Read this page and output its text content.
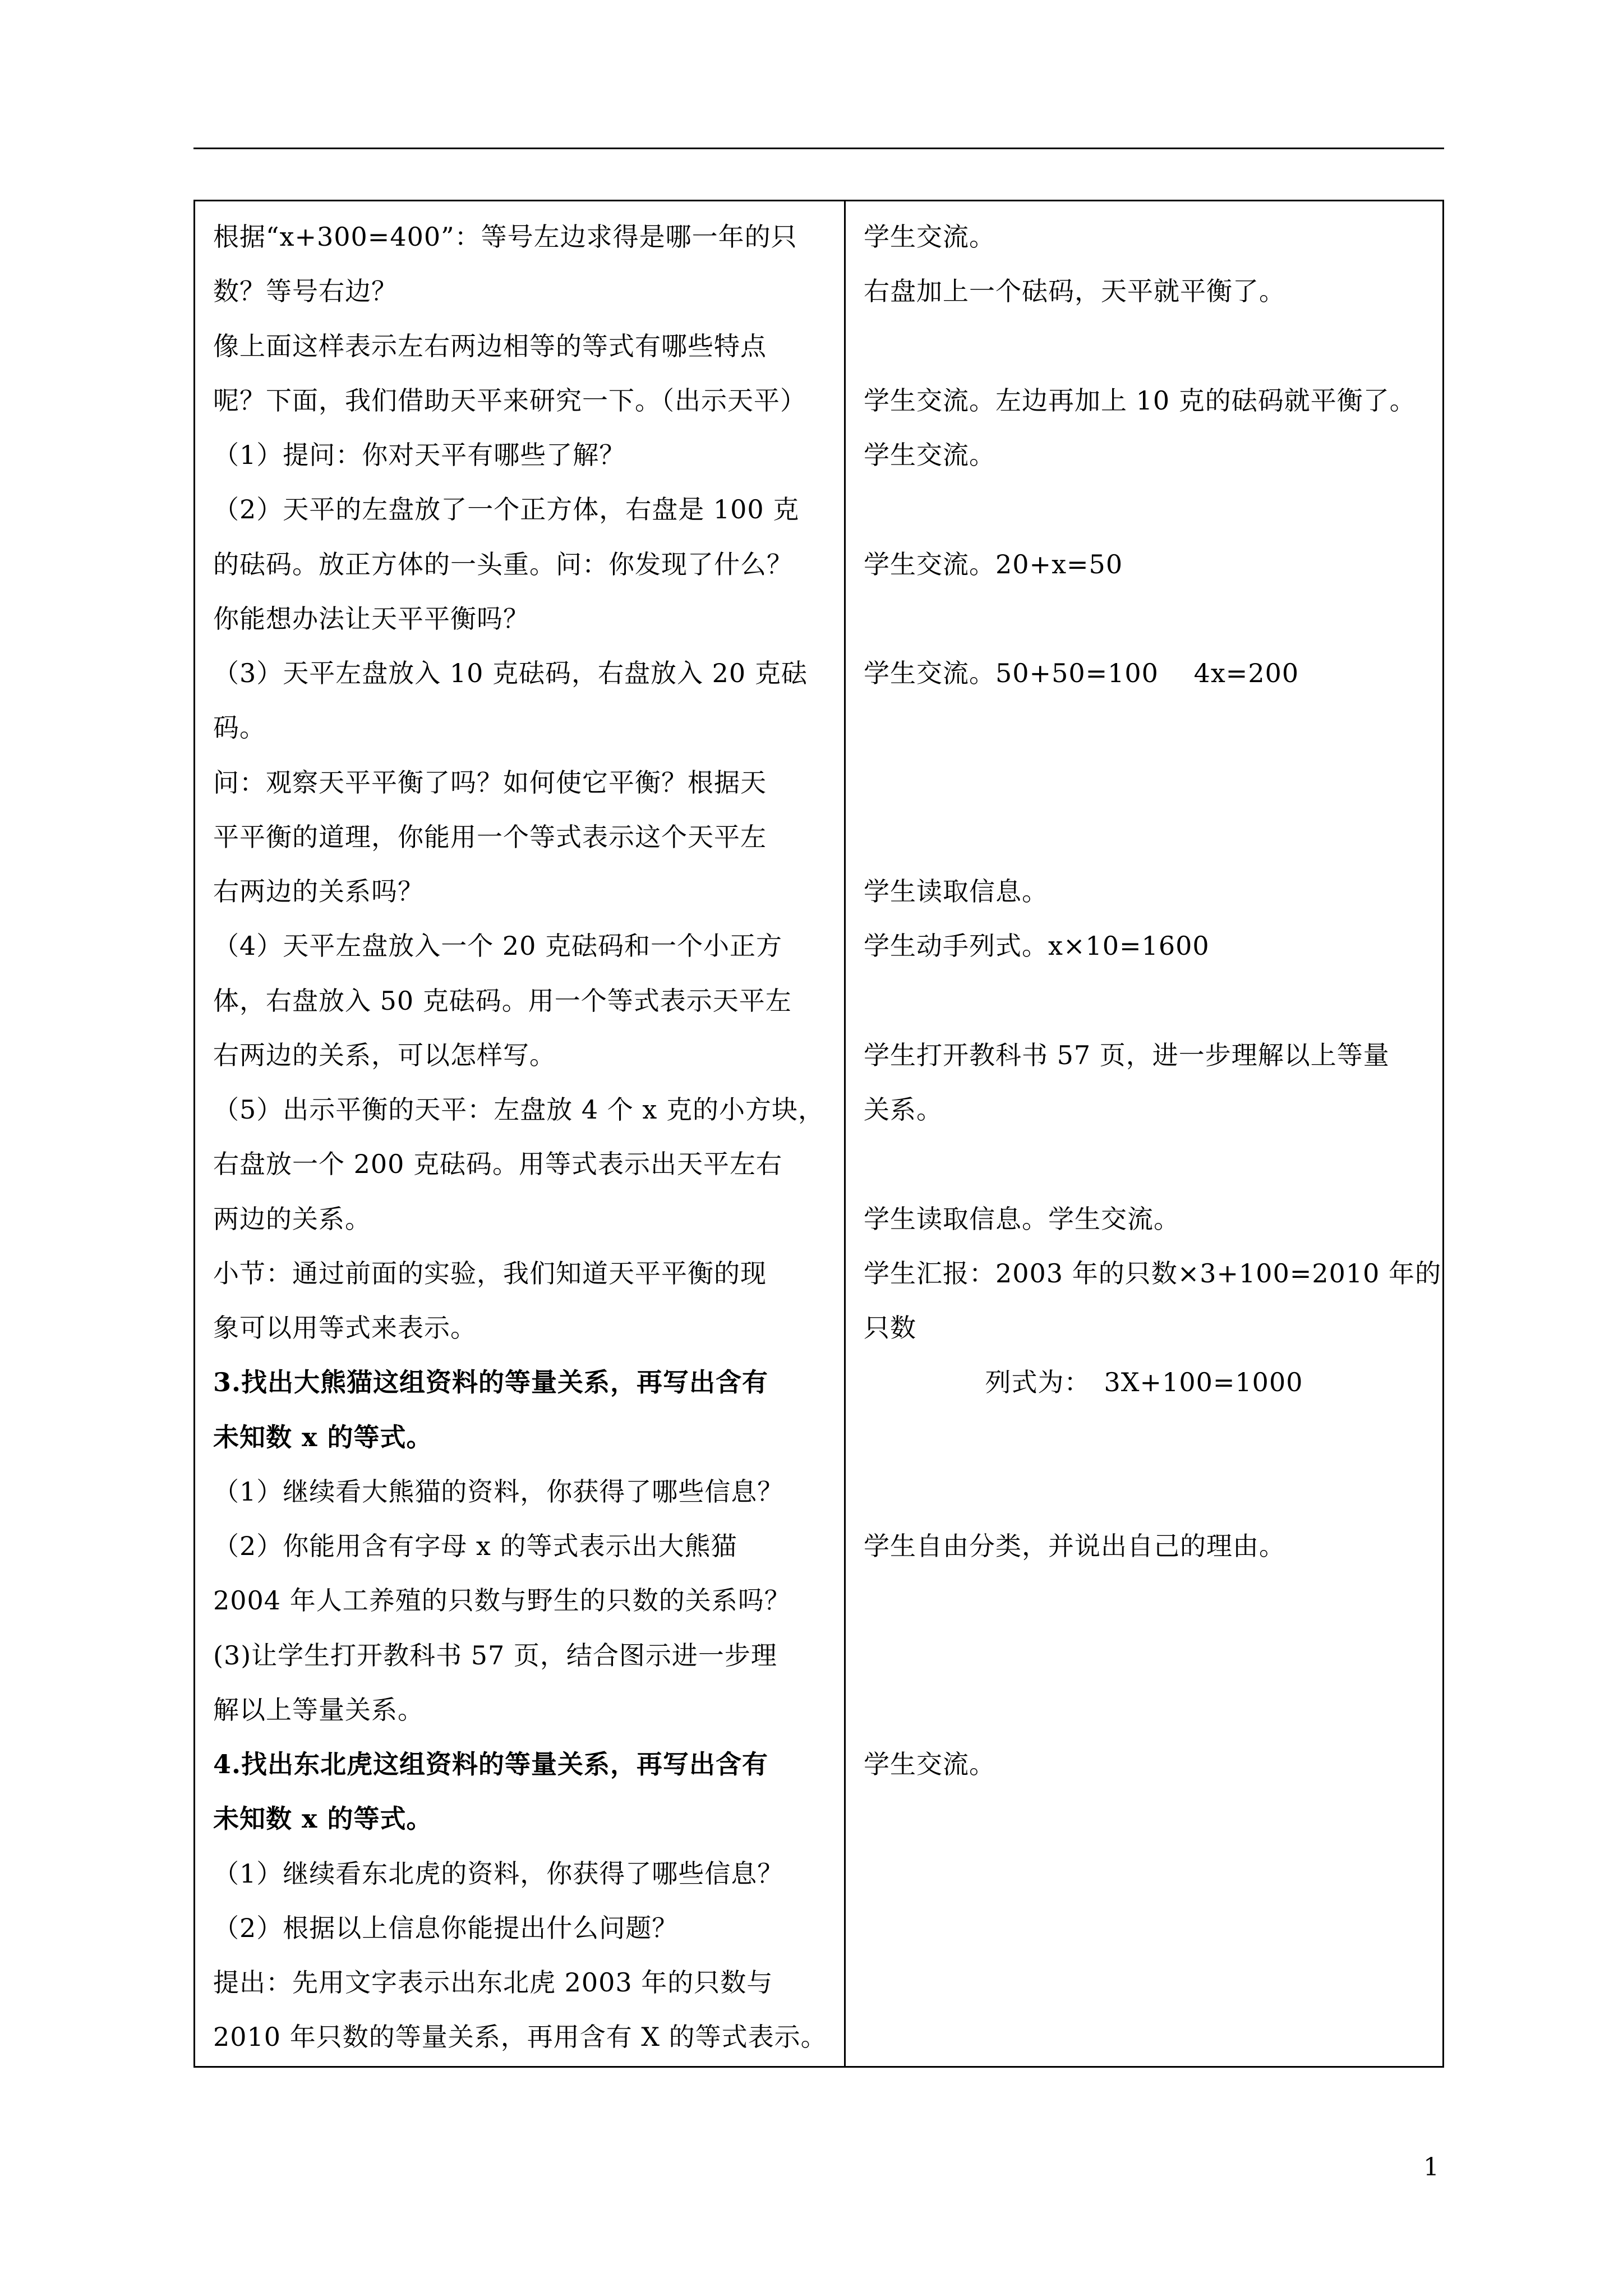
根据“x+300=400”：等号左边求得是哪一年的只
数？等号右边？
像上面这样表示左右两边相等的等式有哪些特点
呢？下面，我们借助天平来研究一下。（出示天平）
（1）提问：你对天平有哪些了解？
（2）天平的左盘放了一个正方体，右盘是 100 克
的砝码。放正方体的一头重。问：你发现了什么？
你能想办法让天平平衡吗？
（3）天平左盘放入 10 克砝码，右盘放入 20 克砝
码。
问：观察天平平衡了吗？如何使它平衡？根据天
平平衡的道理，你能用一个等式表示这个天平左
右两边的关系吗？
（4）天平左盘放入一个 20 克砝码和一个小正方
体，右盘放入 50 克砝码。用一个等式表示天平左
右两边的关系，可以怎样写。
（5）出示平衡的天平：左盘放 4 个 x 克的小方块，
右盘放一个 200 克砝码。用等式表示出天平左右
两边的关系。
小节：通过前面的实验，我们知道天平平衡的现
象可以用等式来表示。
3.找出大熊猫这组资料的等量关系，再写出含有
未知数 x 的等式。
（1）继续看大熊猫的资料，你获得了哪些信息？
（2）你能用含有字母 x 的等式表示出大熊猫
2004 年人工养殖的只数与野生的只数的关系吗？
(3)让学生打开教科书 57 页，结合图示进一步理
解以上等量关系。
4.找出东北虎这组资料的等量关系，再写出含有
未知数 x 的等式。
（1）继续看东北虎的资料，你获得了哪些信息？
（2）根据以上信息你能提出什么问题？
提出：先用文字表示出东北虎 2003 年的只数与
2010 年只数的等量关系，再用含有 X 的等式表示。
学生交流。
右盘加上一个砝码，天平就平衡了。
学生交流。左边再加上 10 克的砝码就平衡了。
学生交流。
学生交流。20+x=50
学生交流。50+50=100　 4x=200
学生读取信息。
学生动手列式。x×10=1600
学生打开教科书 57 页，进一步理解以上等量
关系。
学生读取信息。学生交流。
学生汇报：2003 年的只数×3+100=2010 年的
只数
列式为：　3X+100=1000
学生自由分类，并说出自己的理由。
学生交流。
1
